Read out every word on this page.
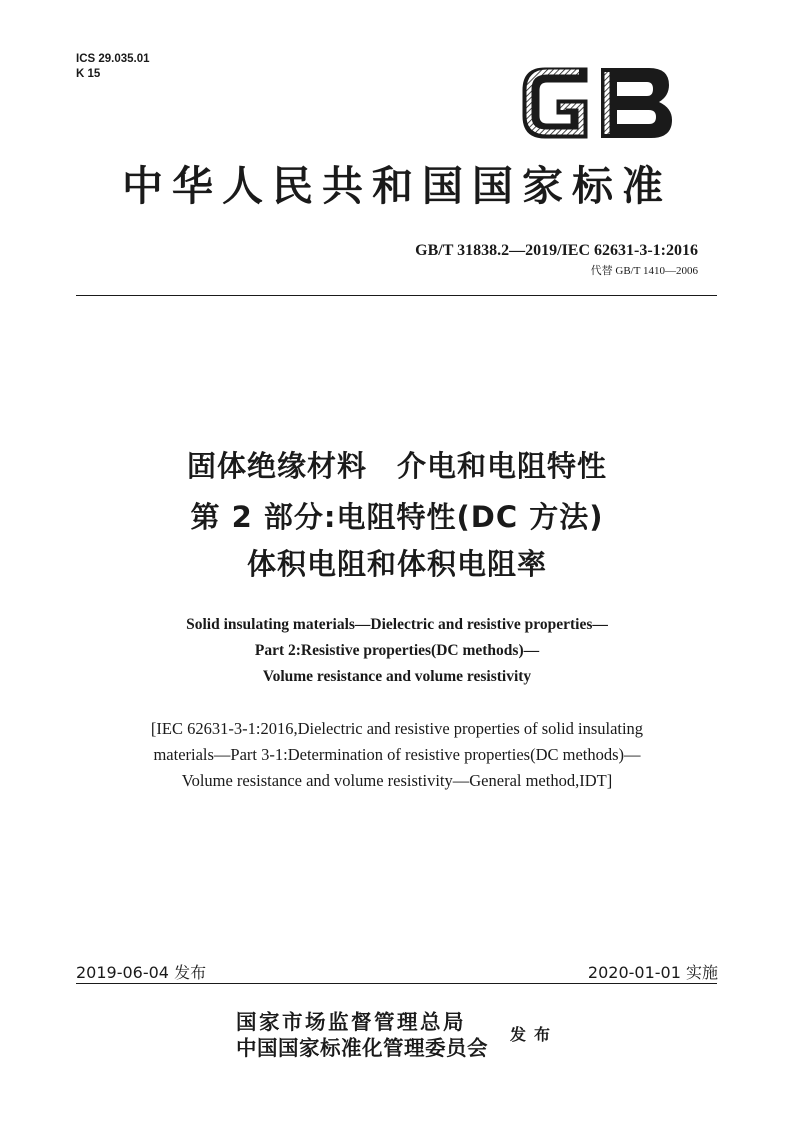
ICS 29.035.01
K 15
中华人民共和国国家标准
GB/T 31838.2—2019/IEC 62631-3-1:2016
代替 GB/T 1410—2006
固体绝缘材料　介电和电阻特性
第 2 部分:电阻特性(DC 方法)
体积电阻和体积电阻率
Solid insulating materials—Dielectric and resistive properties—
Part 2:Resistive properties(DC methods)—
Volume resistance and volume resistivity
[IEC 62631-3-1:2016,Dielectric and resistive properties of solid insulating
materials—Part 3-1:Determination of resistive properties(DC methods)—
Volume resistance and volume resistivity—General method,IDT]
2019-06-04 发布	2020-01-01 实施
国家市场监督管理总局
中国国家标准化管理委员会
发布
